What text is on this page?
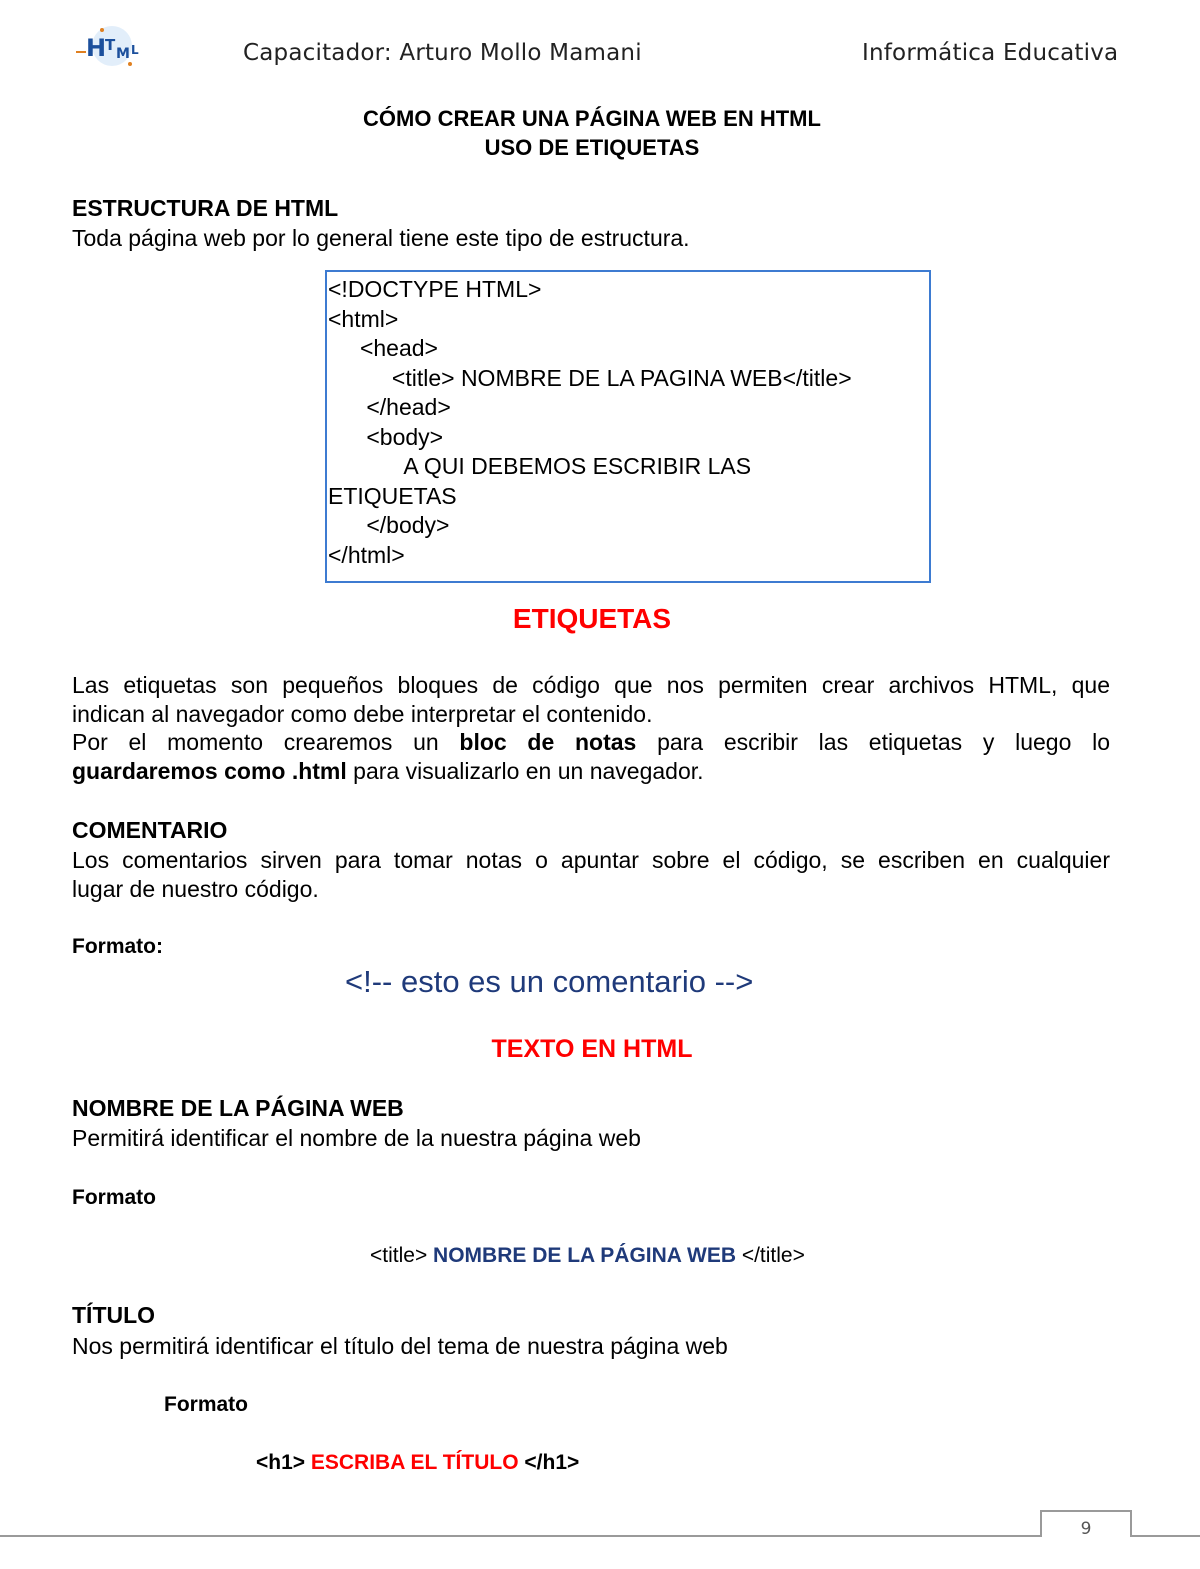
H
T M L	Capacitador: Arturo Mollo Mamani	Informática Educativa
CÓMO CREAR UNA PÁGINA WEB EN HTML
USO DE ETIQUETAS
ESTRUCTURA DE HTML
Toda página web por lo general tiene este tipo de estructura.
<!DOCTYPE HTML>
<html>
<head>
<title> NOMBRE DE LA PAGINA WEB</title>
</head>
<body>
A QUI DEBEMOS ESCRIBIR LAS
ETIQUETAS
</body>
</html>
ETIQUETAS
Las etiquetas son pequeños bloques de código que nos permiten crear archivos HTML, que
indican al navegador como debe interpretar el contenido.
Por el momento crearemos un bloc de notas para escribir las etiquetas y luego lo
guardaremos como .html para visualizarlo en un navegador.
COMENTARIO
Los comentarios sirven para tomar notas o apuntar sobre el código, se escriben en cualquier
lugar de nuestro código.
Formato:
<!-- esto es un comentario -->
TEXTO EN HTML
NOMBRE DE LA PÁGINA WEB
Permitirá identificar el nombre de la nuestra página web
Formato
<title> NOMBRE DE LA PÁGINA WEB </title>
TÍTULO
Nos permitirá identificar el título del tema de nuestra página web
Formato
<h1> ESCRIBA EL TÍTULO </h1>
9
